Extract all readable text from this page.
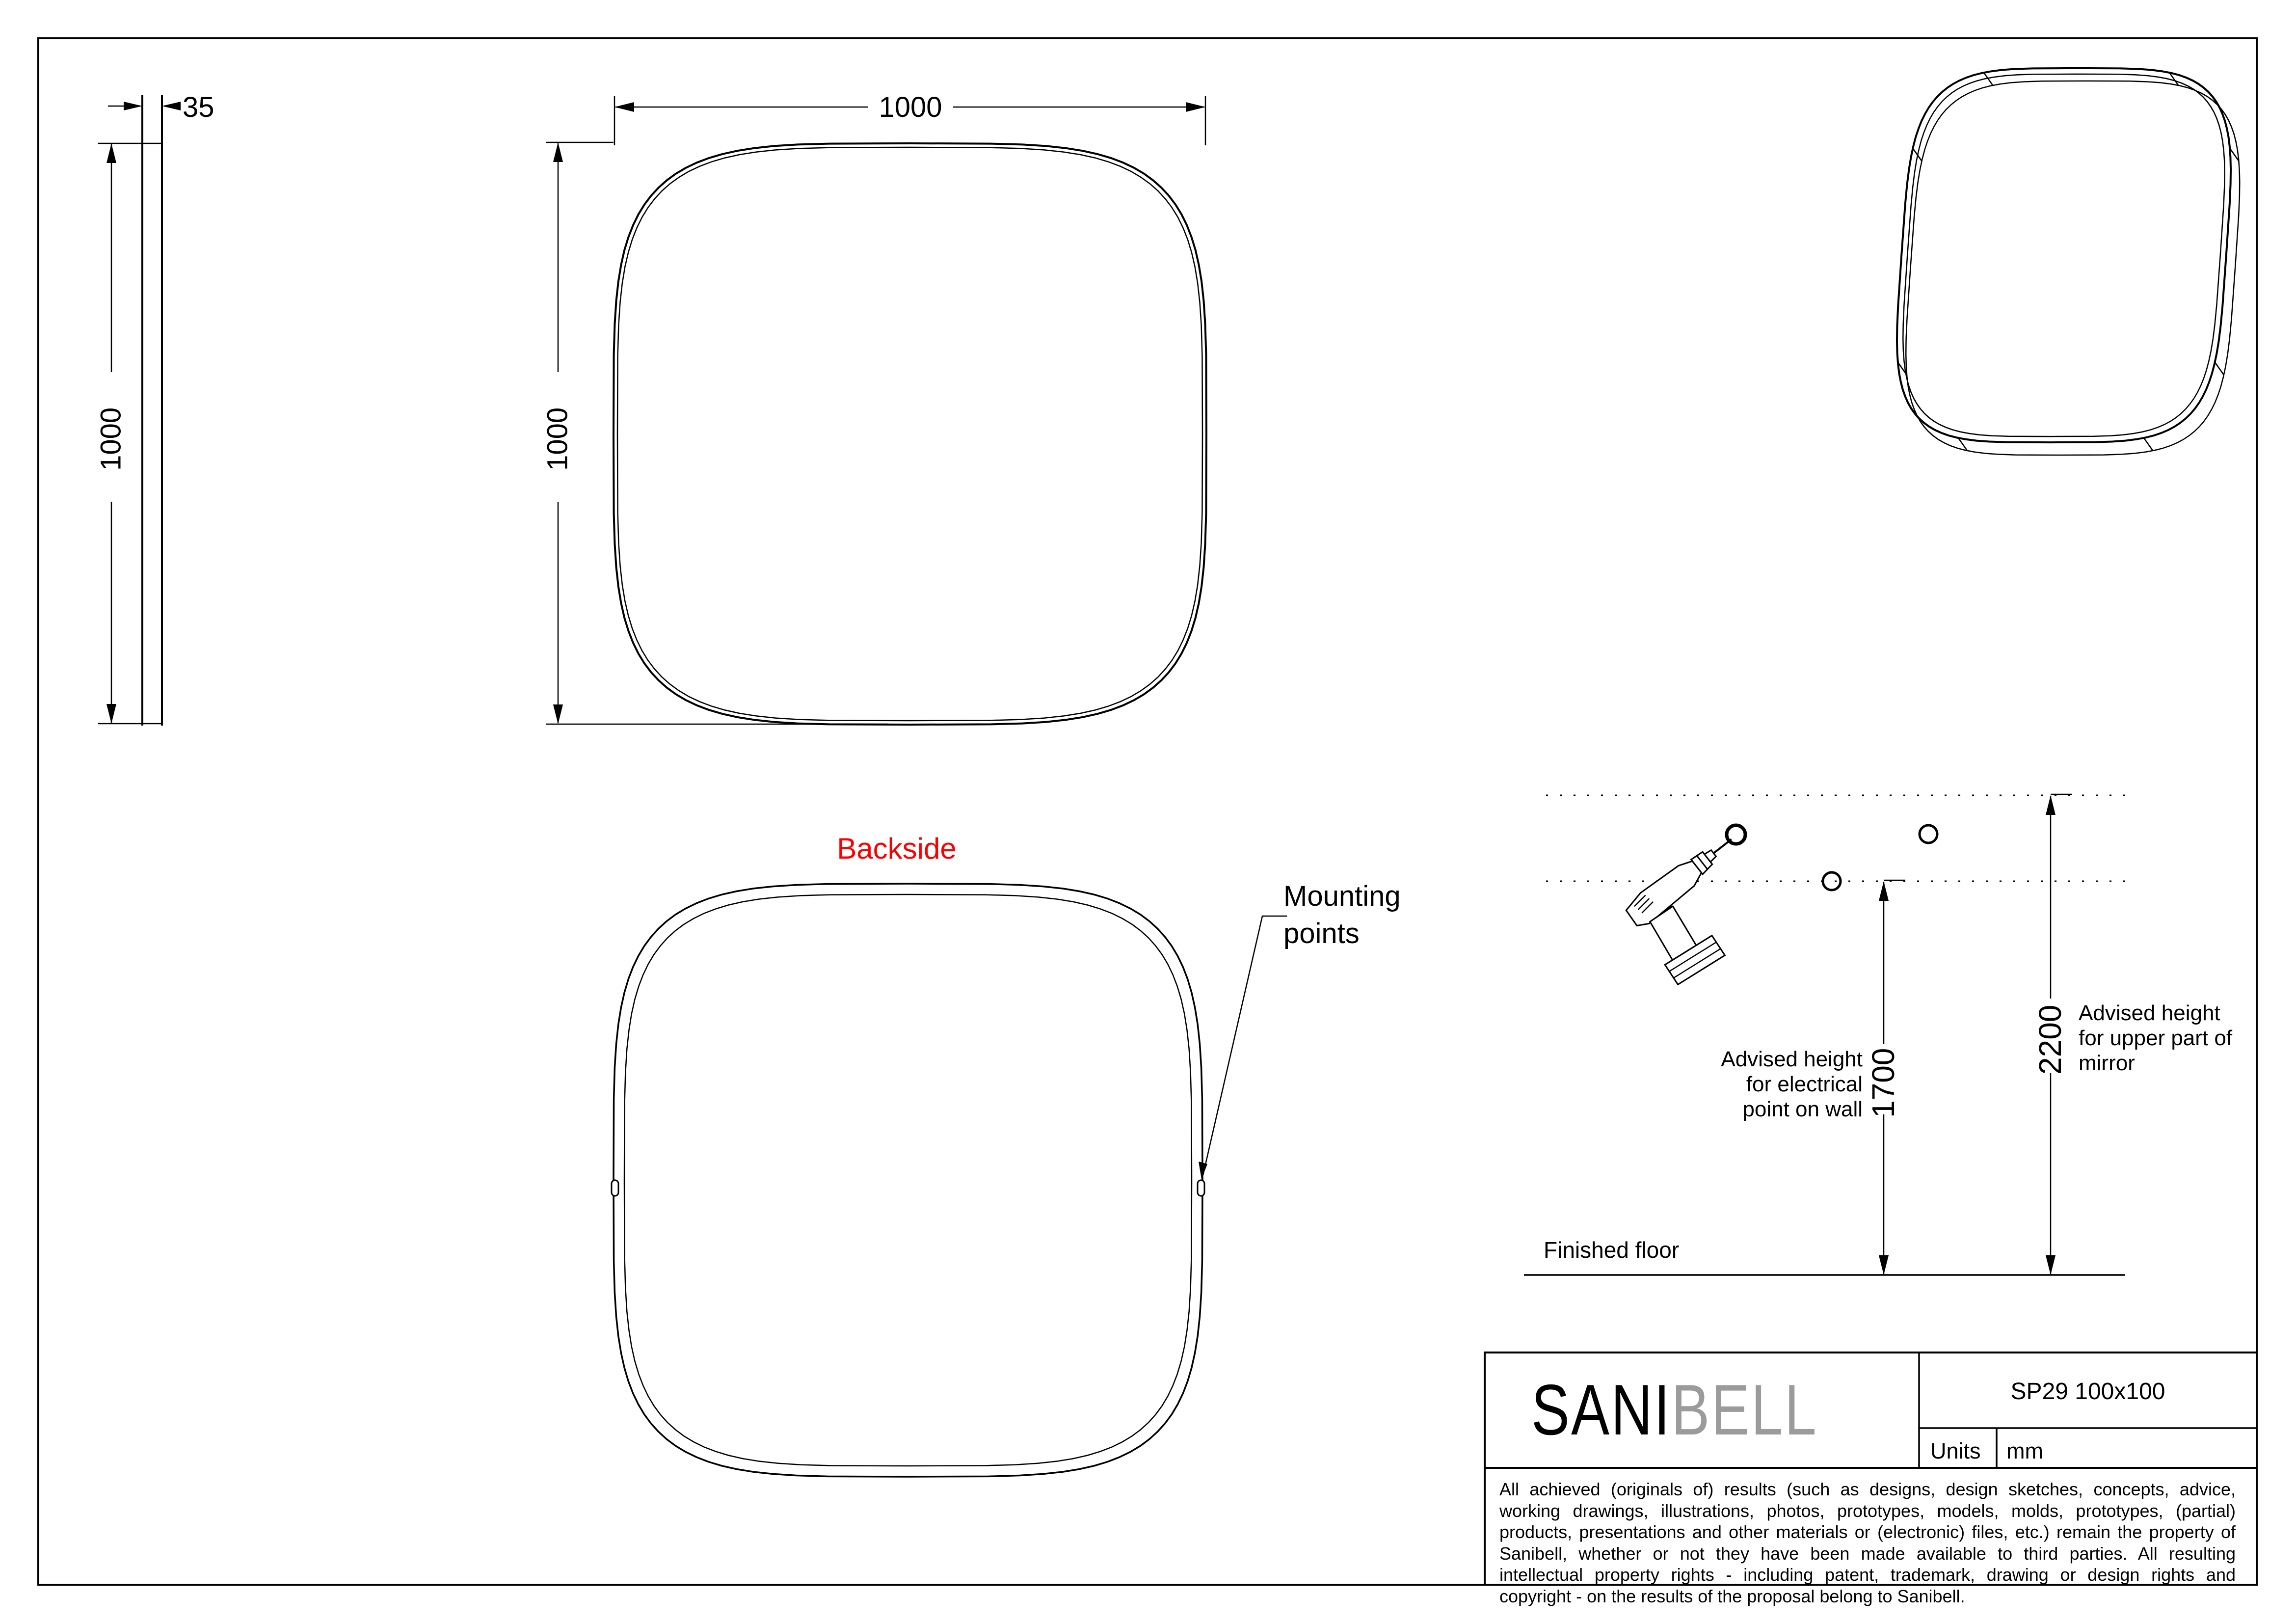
35
1000
1000
1000
Backside
Mounting points
Advised height for electrical point on wall 1700
2200 Advised height for upper part of mirror
Finished floor
SANIBELL	SP29 100x100
Units mm
All achieved (originals of) results (such as designs, design sketches, concepts, advice, working drawings, illustrations, photos, prototypes, models, molds, prototypes, (partial) products, presentations and other materials or (electronic) files, etc.) remain the property of Sanibell, whether or not they have been made available to third parties. All resulting intellectual property rights - including patent, trademark, drawing or design rights and copyright - on the results of the proposal belong to Sanibell.
